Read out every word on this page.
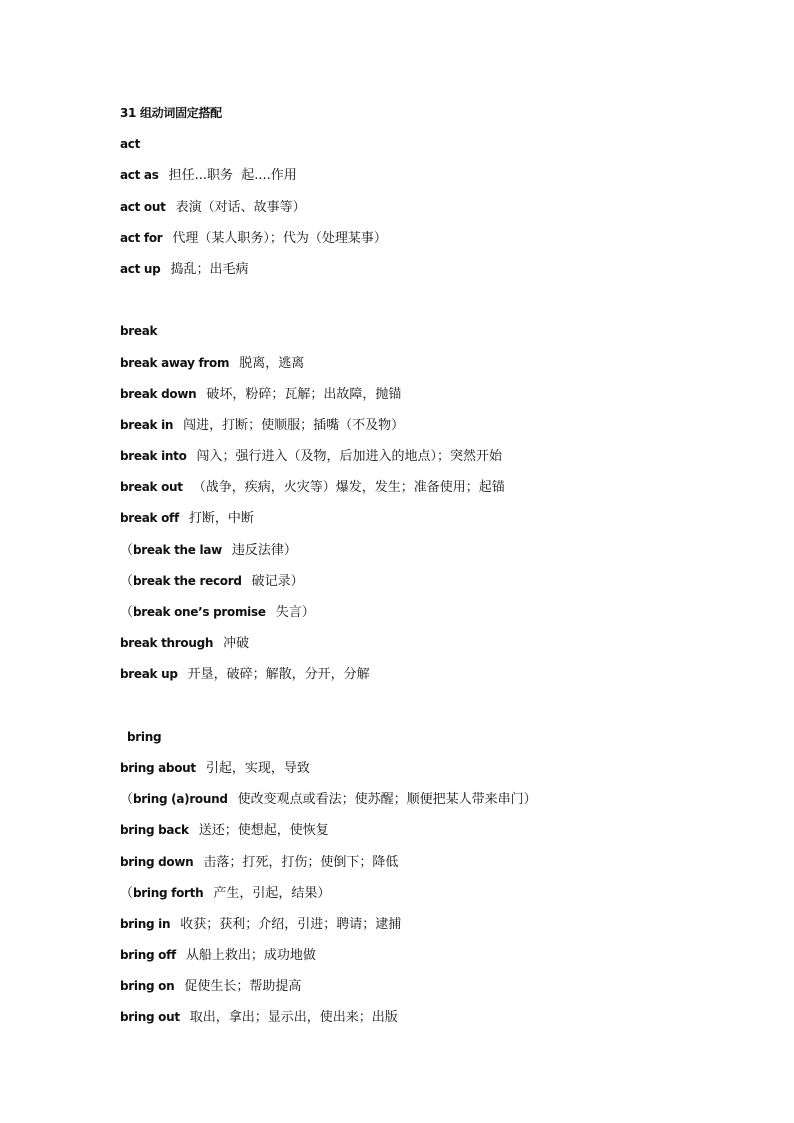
31 组动词固定搭配
act
act as 担任...职务  起....作用
act out 表演（对话、故事等）
act for 代理（某人职务）；代为（处理某事）
act up 捣乱；出毛病
break
break away from 脱离，逃离
break down 破坏，粉碎；瓦解；出故障，抛锚
break in 闯进，打断；使顺服；插嘴（不及物）
break into 闯入；强行进入（及物，后加进入的地点）；突然开始
break out （战争，疾病，火灾等）爆发，发生；准备使用；起锚
break off 打断，中断
（break the law 违反法律）
（break the record 破记录）
（break one’s promise 失言）
break through 冲破
break up 开垦，破碎；解散，分开，分解
bring
bring about 引起，实现，导致
（bring (a)round 使改变观点或看法；使苏醒；顺便把某人带来串门）
bring back 送还；使想起，使恢复
bring down 击落；打死，打伤；使倒下；降低
（bring forth 产生，引起，结果）
bring in 收获；获利；介绍，引进；聘请；逮捕
bring off 从船上救出；成功地做
bring on 促使生长；帮助提高
bring out 取出，拿出；显示出，使出来；出版
